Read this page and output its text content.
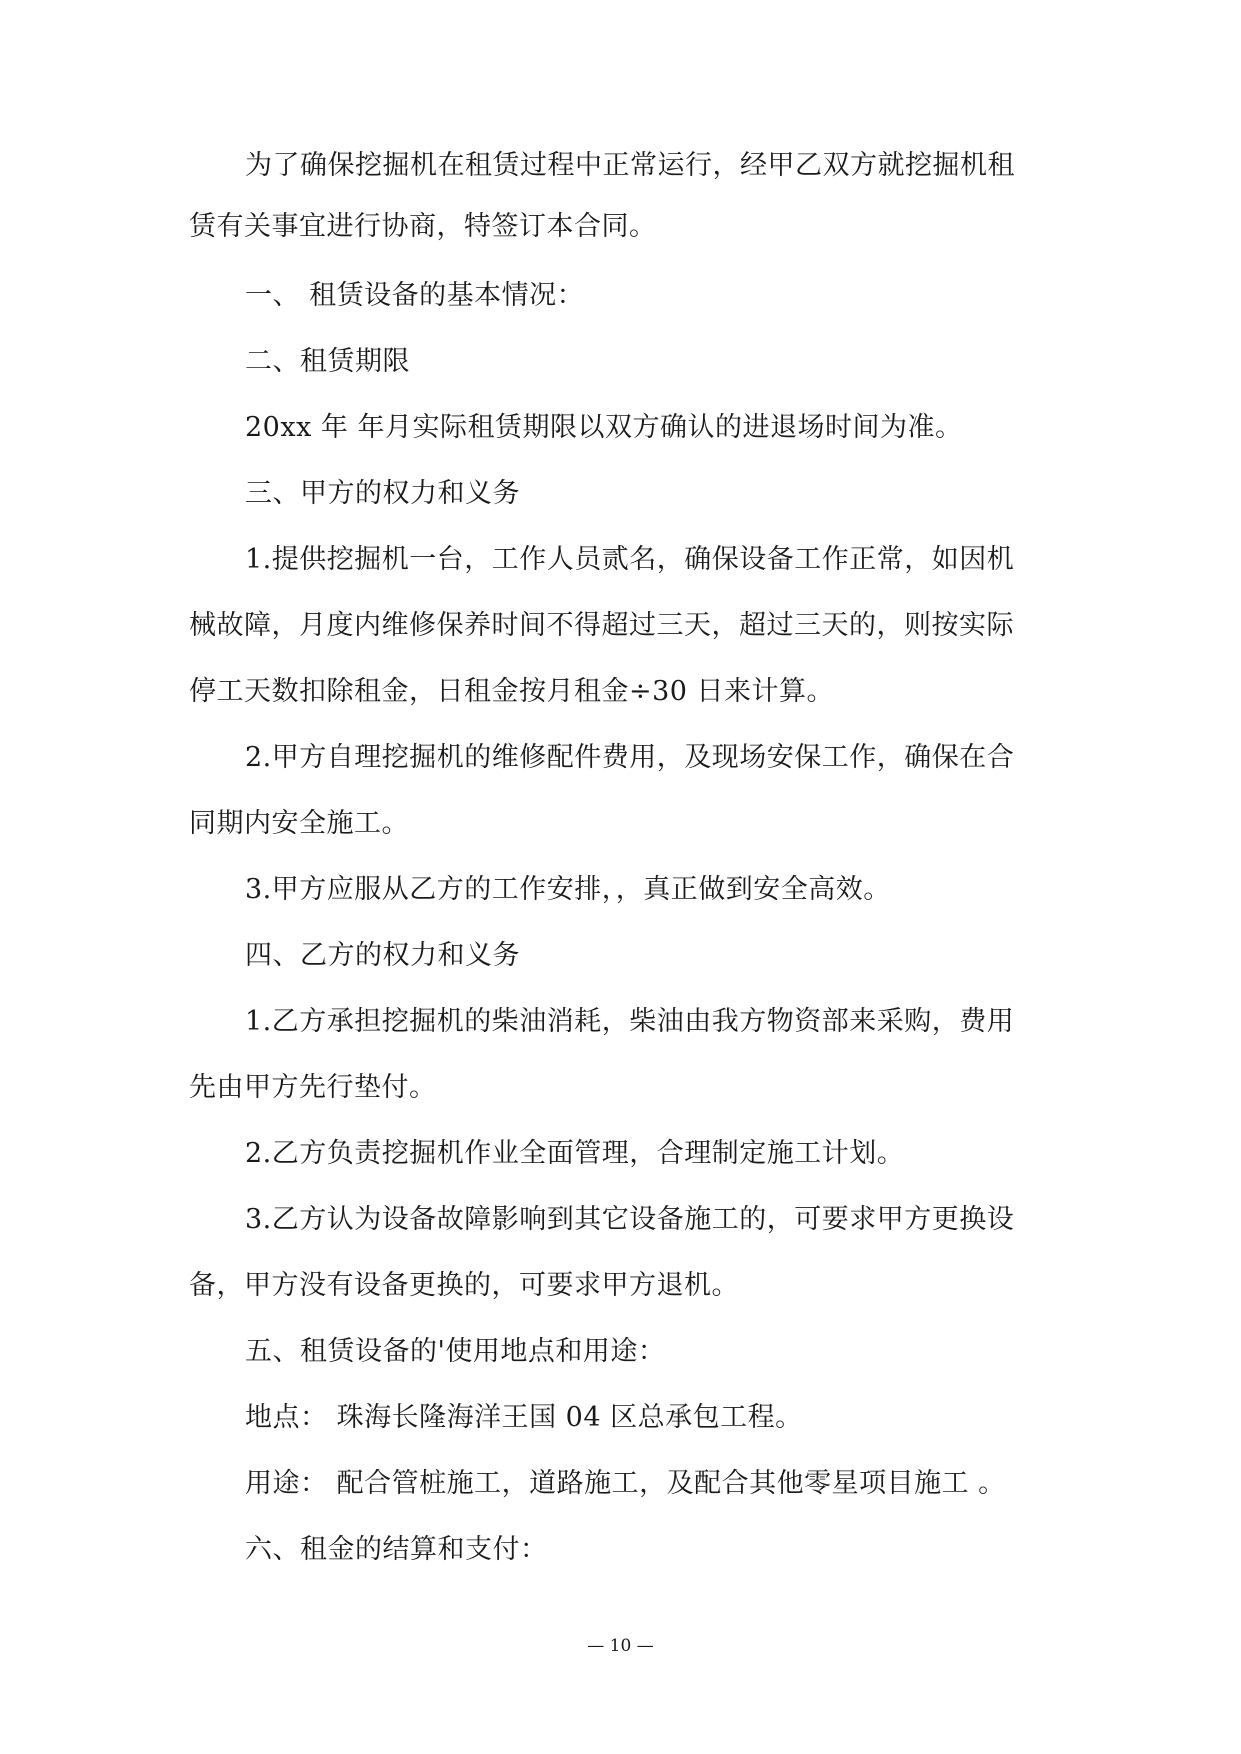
为了确保挖掘机在租赁过程中正常运行，经甲乙双方就挖掘机租
赁有关事宜进行协商，特签订本合同。
一、 租赁设备的基本情况：
二、租赁期限
20xx 年 年月实际租赁期限以双方确认的进退场时间为准。
三、甲方的权力和义务
1.提供挖掘机一台，工作人员贰名，确保设备工作正常，如因机
械故障，月度内维修保养时间不得超过三天，超过三天的，则按实际
停工天数扣除租金，日租金按月租金÷30 日来计算。
2.甲方自理挖掘机的维修配件费用，及现场安保工作，确保在合
同期内安全施工。
3.甲方应服从乙方的工作安排，，真正做到安全高效。
四、乙方的权力和义务
1.乙方承担挖掘机的柴油消耗，柴油由我方物资部来采购，费用
先由甲方先行垫付。
2.乙方负责挖掘机作业全面管理，合理制定施工计划。
3.乙方认为设备故障影响到其它设备施工的，可要求甲方更换设
备，甲方没有设备更换的，可要求甲方退机。
五、租赁设备的'使用地点和用途：
地点： 珠海长隆海洋王国 04 区总承包工程。
用途： 配合管桩施工，道路施工，及配合其他零星项目施工 。
六、租金的结算和支付：
— 10 —
